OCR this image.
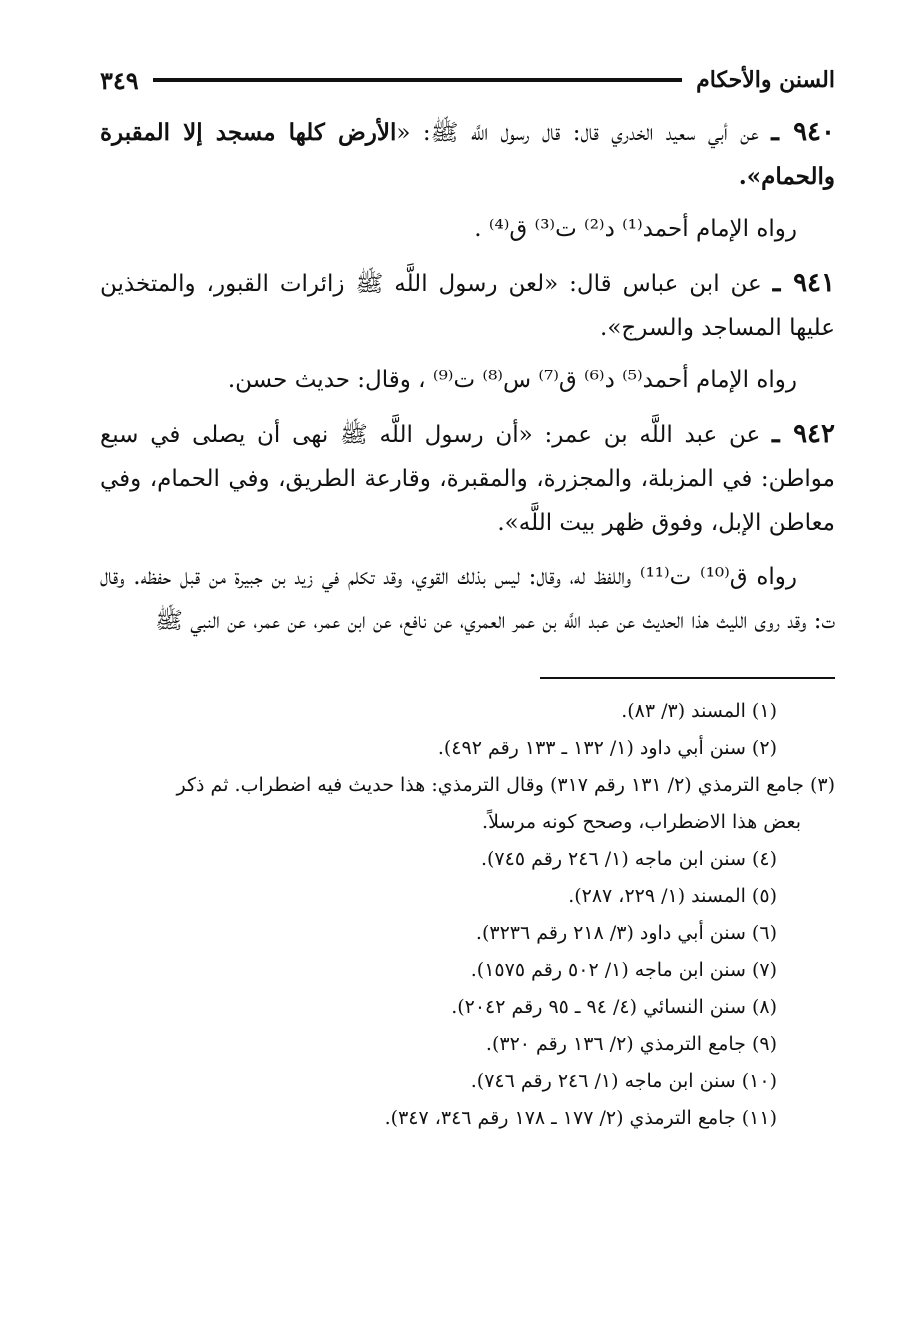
السنن والأحكام
٣٤٩
٩٤٠ ـ عن أبي سعيد الخدري قال: قال رسول اللَّه ﷺ: «الأرض كلها مسجد إلا المقبرة والحمام».
رواه الإمام أحمد⁽¹⁾ د⁽²⁾ ت⁽³⁾ ق⁽⁴⁾ .
٩٤١ ـ عن ابن عباس قال: «لعن رسول اللَّه ﷺ زائرات القبور، والمتخذين عليها المساجد والسرج».
رواه الإمام أحمد⁽⁵⁾ د⁽⁶⁾ ق⁽⁷⁾ س⁽⁸⁾ ت⁽⁹⁾ ، وقال: حديث حسن.
٩٤٢ ـ عن عبد اللَّه بن عمر: «أن رسول اللَّه ﷺ نهى أن يصلى في سبع مواطن: في المزبلة، والمجزرة، والمقبرة، وقارعة الطريق، وفي الحمام، وفي معاطن الإبل، وفوق ظهر بيت اللَّه».
رواه ق⁽¹⁰⁾ ت⁽¹¹⁾ واللفظ له، وقال: ليس بذلك القوي، وقد تكلم في زيد بن جبيرة من قبل حفظه. وقال ت: وقد روى الليث هذا الحديث عن عبد اللَّه بن عمر العمري، عن نافع، عن ابن عمر، عن عمر، عن النبي ﷺ
(١) المسند (٣/ ٨٣).
(٢) سنن أبي داود (١/ ١٣٢ ـ ١٣٣ رقم ٤٩٢).
(٣) جامع الترمذي (٢/ ١٣١ رقم ٣١٧) وقال الترمذي: هذا حديث فيه اضطراب. ثم ذكر
بعض هذا الاضطراب، وصحح كونه مرسلاً.
(٤) سنن ابن ماجه (١/ ٢٤٦ رقم ٧٤٥).
(٥) المسند (١/ ٢٢٩، ٢٨٧).
(٦) سنن أبي داود (٣/ ٢١٨ رقم ٣٢٣٦).
(٧) سنن ابن ماجه (١/ ٥٠٢ رقم ١٥٧٥).
(٨) سنن النسائي (٤/ ٩٤ ـ ٩٥ رقم ٢٠٤٢).
(٩) جامع الترمذي (٢/ ١٣٦ رقم ٣٢٠).
(١٠) سنن ابن ماجه (١/ ٢٤٦ رقم ٧٤٦).
(١١) جامع الترمذي (٢/ ١٧٧ ـ ١٧٨ رقم ٣٤٦، ٣٤٧).
